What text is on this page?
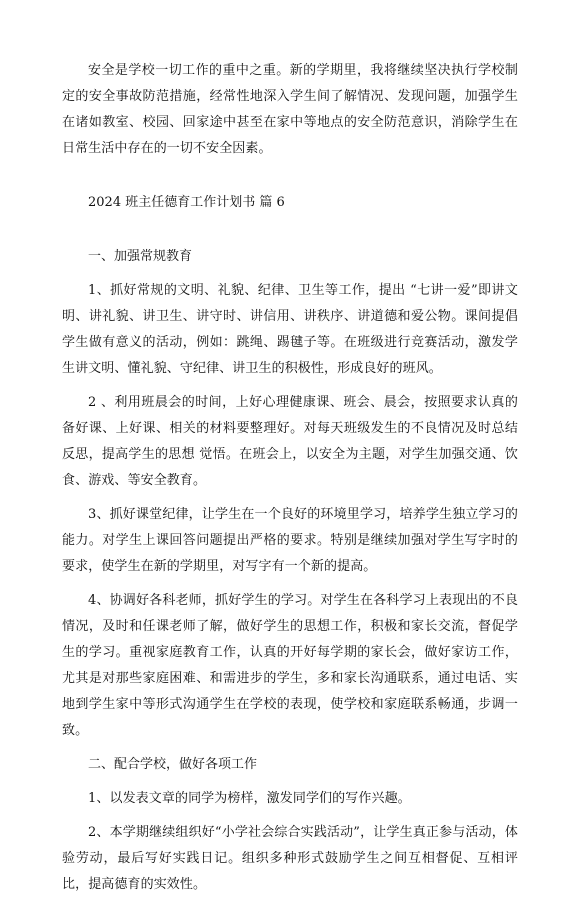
安全是学校一切工作的重中之重。新的学期里，我将继续坚决执行学校制定的安全事故防范措施，经常性地深入学生间了解情况、发现问题，加强学生在诸如教室、校园、回家途中甚至在家中等地点的安全防范意识，消除学生在日常生活中存在的一切不安全因素。

2024 班主任德育工作计划书 篇 6

一、加强常规教育

1、抓好常规的文明、礼貌、纪律、卫生等工作，提出 “七讲一爱”即讲文明、讲礼貌、讲卫生、讲守时、讲信用、讲秩序、讲道德和爱公物。课间提倡学生做有意义的活动，例如：跳绳、踢毽子等。在班级进行竞赛活动，激发学生讲文明、懂礼貌、守纪律、讲卫生的积极性，形成良好的班风。

2 、利用班晨会的时间，上好心理健康课、班会、晨会，按照要求认真的备好课、上好课、相关的材料要整理好。对每天班级发生的不良情况及时总结反思，提高学生的思想 觉悟。在班会上，以安全为主题，对学生加强交通、饮食、游戏、等安全教育。

3、抓好课堂纪律，让学生在一个良好的环境里学习，培养学生独立学习的能力。对学生上课回答问题提出严格的要求。特别是继续加强对学生写字时的要求，使学生在新的学期里，对写字有一个新的提高。

4、协调好各科老师，抓好学生的学习。对学生在各科学习上表现出的不良情况，及时和任课老师了解，做好学生的思想工作，积极和家长交流，督促学生的学习。重视家庭教育工作，认真的开好每学期的家长会，做好家访工作，尤其是对那些家庭困难、和需进步的学生，多和家长沟通联系，通过电话、实地到学生家中等形式沟通学生在学校的表现，使学校和家庭联系畅通，步调一致。

二、配合学校，做好各项工作

1、以发表文章的同学为榜样，激发同学们的写作兴趣。

2、本学期继续组织好“小学社会综合实践活动”，让学生真正参与活动，体验劳动，最后写好实践日记。组织多种形式鼓励学生之间互相督促、互相评比，提高德育的实效性。
